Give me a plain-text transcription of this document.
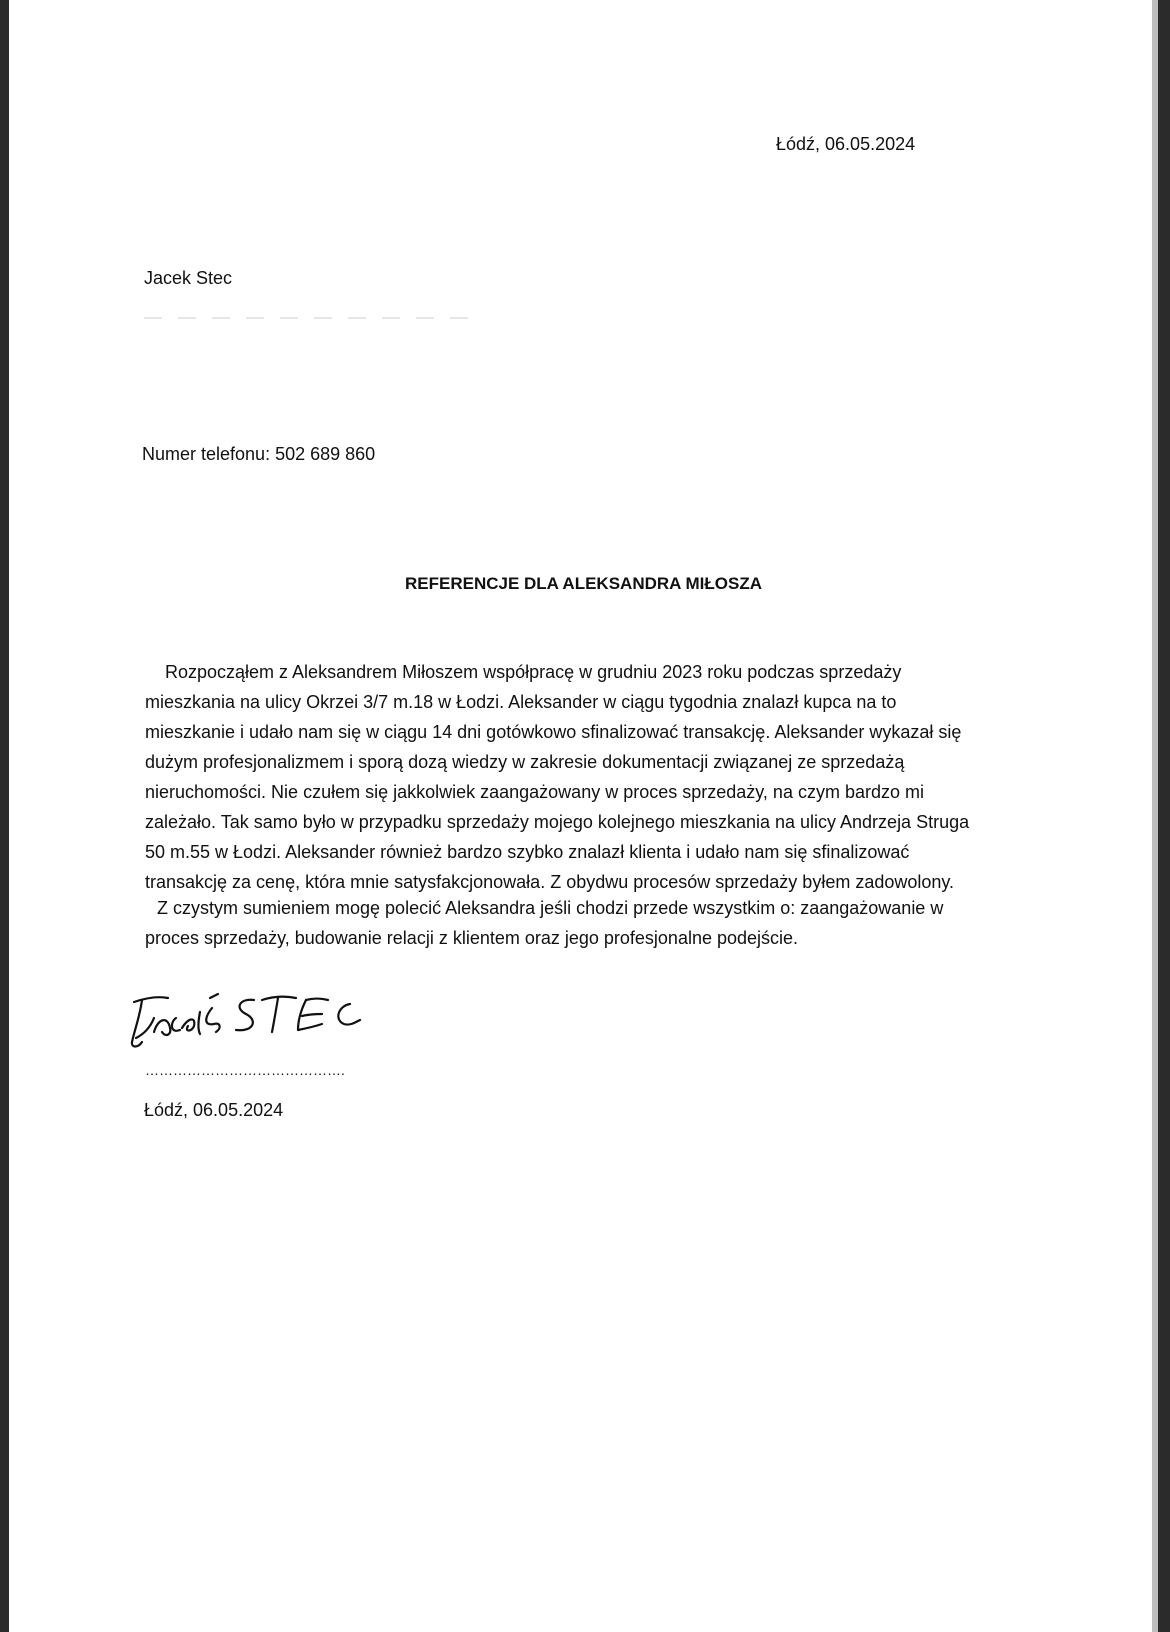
Łódź, 06.05.2024
Jacek Stec
Numer telefonu: 502 689 860
REFERENCJE DLA ALEKSANDRA MIŁOSZA
Rozpocząłem z Aleksandrem Miłoszem współpracę w grudniu 2023 roku podczas sprzedaży
mieszkania na ulicy Okrzei 3/7 m.18 w Łodzi. Aleksander w ciągu tygodnia znalazł kupca na to
mieszkanie i udało nam się w ciągu 14 dni gotówkowo sfinalizować transakcję. Aleksander wykazał się
dużym profesjonalizmem i sporą dozą wiedzy w zakresie dokumentacji związanej ze sprzedażą
nieruchomości. Nie czułem się jakkolwiek zaangażowany w proces sprzedaży, na czym bardzo mi
zależało. Tak samo było w przypadku sprzedaży mojego kolejnego mieszkania na ulicy Andrzeja Struga
50 m.55 w Łodzi. Aleksander również bardzo szybko znalazł klienta i udało nam się sfinalizować
transakcję za cenę, która mnie satysfakcjonowała. Z obydwu procesów sprzedaży byłem zadowolony.
Z czystym sumieniem mogę polecić Aleksandra jeśli chodzi przede wszystkim o: zaangażowanie w
proces sprzedaży, budowanie relacji z klientem oraz jego profesjonalne podejście.
…………………………………….
Łódź, 06.05.2024
